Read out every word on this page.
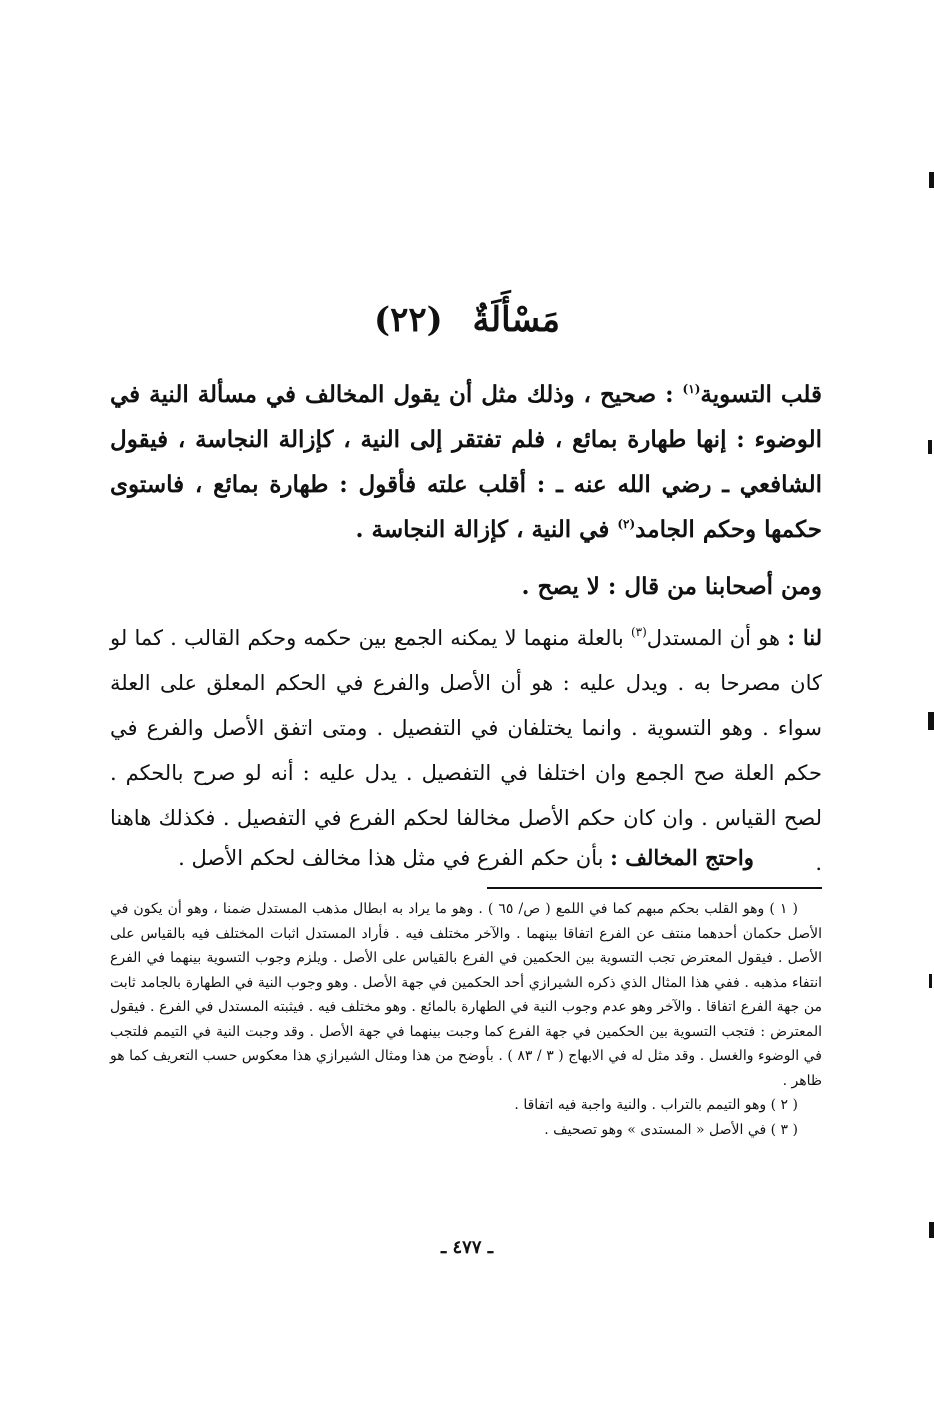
مَسْأَلَةٌ (٢٢)
قلب التسوية$^{(١)}$ : صحيح ، وذلك مثل أن يقول المخالف في مسألة النية في الوضوء : إنها طهارة بمائع ، فلم تفتقر إلى النية ، كإزالة النجاسة ، فيقول الشافعي ـ رضي الله عنه ـ : أقلب علته فأقول : طهارة بمائع ، فاستوى حكمها وحكم الجامد$^{(٢)}$ في النية ، كإزالة النجاسة .
ومن أصحابنا من قال : لا يصح .
لنا : هو أن المستدل$^{(٣)}$ بالعلة منهما لا يمكنه الجمع بين حكمه وحكم القالب . كما لو كان مصرحا به . ويدل عليه : هو أن الأصل والفرع في الحكم المعلق على العلة سواء . وهو التسوية . وانما يختلفان في التفصيل . ومتى اتفق الأصل والفرع في حكم العلة صح الجمع وان اختلفا في التفصيل . يدل عليه : أنه لو صرح بالحكم . لصح القياس . وان كان حكم الأصل مخالفا لحكم الفرع في التفصيل . فكذلك هاهنا .
واحتج المخالف : بأن حكم الفرع في مثل هذا مخالف لحكم الأصل .

( ١ ) وهو القلب بحكم مبهم كما في اللمع ( ص/ ٦٥ ) . وهو ما يراد به ابطال مذهب المستدل ضمنا ، وهو أن يكون في الأصل حكمان أحدهما منتف عن الفرع اتفاقا بينهما . والآخر مختلف فيه . فأراد المستدل اثبات المختلف فيه بالقياس على الأصل . فيقول المعترض تجب التسوية بين الحكمين في الفرع بالقياس على الأصل . ويلزم وجوب التسوية بينهما في الفرع انتفاء مذهبه . ففي هذا المثال الذي ذكره الشيرازي أحد الحكمين في جهة الأصل . وهو وجوب النية في الطهارة بالجامد ثابت من جهة الفرع اتفاقا . والآخر وهو عدم وجوب النية في الطهارة بالمائع . وهو مختلف فيه . فيثبته المستدل في الفرع . فيقول المعترض : فتجب التسوية بين الحكمين في جهة الفرع كما وجبت بينهما في جهة الأصل . وقد وجبت النية في التيمم فلتجب في الوضوء والغسل . وقد مثل له في الابهاج ( ٣ / ٨٣ ) . بأوضح من هذا ومثال الشيرازي هذا معكوس حسب التعريف كما هو ظاهر .

( ٢ ) وهو التيمم بالتراب . والنية واجبة فيه اتفاقا .

( ٣ ) في الأصل « المستدى » وهو تصحيف .

ـ ٤٧٧ ـ
